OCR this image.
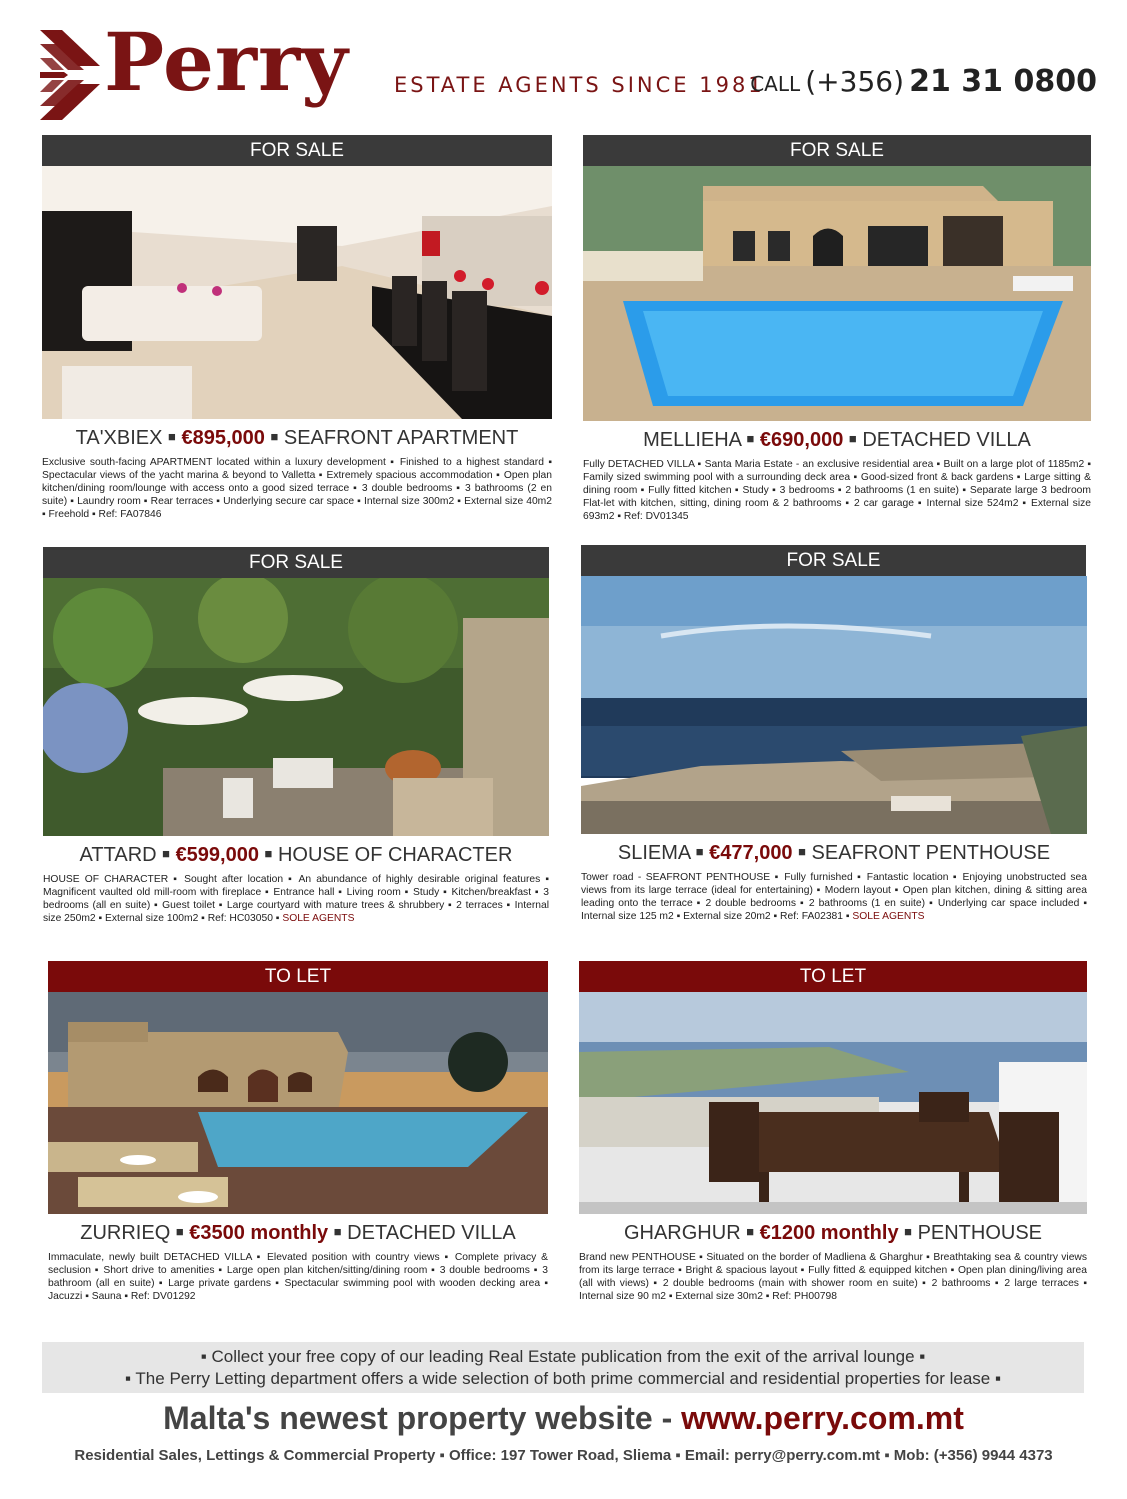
Perry ESTATE AGENTS SINCE 1981
CALL (+356) 21 31 0800
FOR SALE
TA'XBIEX ■ €895,000 ■ SEAFRONT APARTMENT
Exclusive south-facing APARTMENT located within a luxury development ▪ Finished to a highest standard ▪ Spectacular views of the yacht marina & beyond to Valletta ▪ Extremely spacious accommodation ▪ Open plan kitchen/dining room/lounge with access onto a good sized terrace ▪ 3 double bedrooms ▪ 3 bathrooms (2 en suite) ▪ Laundry room ▪ Rear terraces ▪ Underlying secure car space ▪ Internal size 300m2 ▪ External size 40m2 ▪ Freehold ▪ Ref: FA07846
FOR SALE
MELLIEHA ■ €690,000 ■ DETACHED VILLA
Fully DETACHED VILLA ▪ Santa Maria Estate - an exclusive residential area ▪ Built on a large plot of 1185m2 ▪ Family sized swimming pool with a surrounding deck area ▪ Good-sized front & back gardens ▪ Large sitting & dining room ▪ Fully fitted kitchen ▪ Study ▪ 3 bedrooms ▪ 2 bathrooms (1 en suite) ▪ Separate large 3 bedroom Flat-let with kitchen, sitting, dining room & 2 bathrooms ▪ 2 car garage ▪ Internal size 524m2 ▪ External size 693m2 ▪ Ref: DV01345
FOR SALE
ATTARD ■ €599,000 ■ HOUSE OF CHARACTER
HOUSE OF CHARACTER ▪ Sought after location ▪ An abundance of highly desirable original features ▪ Magnificent vaulted old mill-room with fireplace ▪ Entrance hall ▪ Living room ▪ Study ▪ Kitchen/breakfast ▪ 3 bedrooms (all en suite) ▪ Guest toilet ▪ Large courtyard with mature trees & shrubbery ▪ 2 terraces ▪ Internal size 250m2 ▪ External size 100m2 ▪ Ref: HC03050 ▪ SOLE AGENTS
FOR SALE
SLIEMA ■ €477,000 ■ SEAFRONT PENTHOUSE
Tower road - SEAFRONT PENTHOUSE ▪ Fully furnished ▪ Fantastic location ▪ Enjoying unobstructed sea views from its large terrace (ideal for entertaining) ▪ Modern layout ▪ Open plan kitchen, dining & sitting area leading onto the terrace ▪ 2 double bedrooms ▪ 2 bathrooms (1 en suite) ▪ Underlying car space included ▪ Internal size 125 m2 ▪ External size 20m2 ▪ Ref: FA02381 ▪ SOLE AGENTS
TO LET
ZURRIEQ ■ €3500 monthly ■ DETACHED VILLA
Immaculate, newly built DETACHED VILLA ▪ Elevated position with country views ▪ Complete privacy & seclusion ▪ Short drive to amenities ▪ Large open plan kitchen/sitting/dining room ▪ 3 double bedrooms ▪ 3 bathroom (all en suite) ▪ Large private gardens ▪ Spectacular swimming pool with wooden decking area ▪ Jacuzzi ▪ Sauna ▪ Ref: DV01292
TO LET
GHARGHUR ■ €1200 monthly ■ PENTHOUSE
Brand new PENTHOUSE ▪ Situated on the border of Madliena & Gharghur ▪ Breathtaking sea & country views from its large terrace ▪ Bright & spacious layout ▪ Fully fitted & equipped kitchen ▪ Open plan dining/living area (all with views) ▪ 2 double bedrooms (main with shower room en suite) ▪ 2 bathrooms ▪ 2 large terraces ▪ Internal size 90 m2 ▪ External size 30m2 ▪ Ref: PH00798
▪ Collect your free copy of our leading Real Estate publication from the exit of the arrival lounge ▪
▪ The Perry Letting department offers a wide selection of both prime commercial and residential properties for lease ▪
Malta's newest property website - www.perry.com.mt
Residential Sales, Lettings & Commercial Property ▪ Office: 197 Tower Road, Sliema ▪ Email: perry@perry.com.mt ▪ Mob: (+356) 9944 4373
